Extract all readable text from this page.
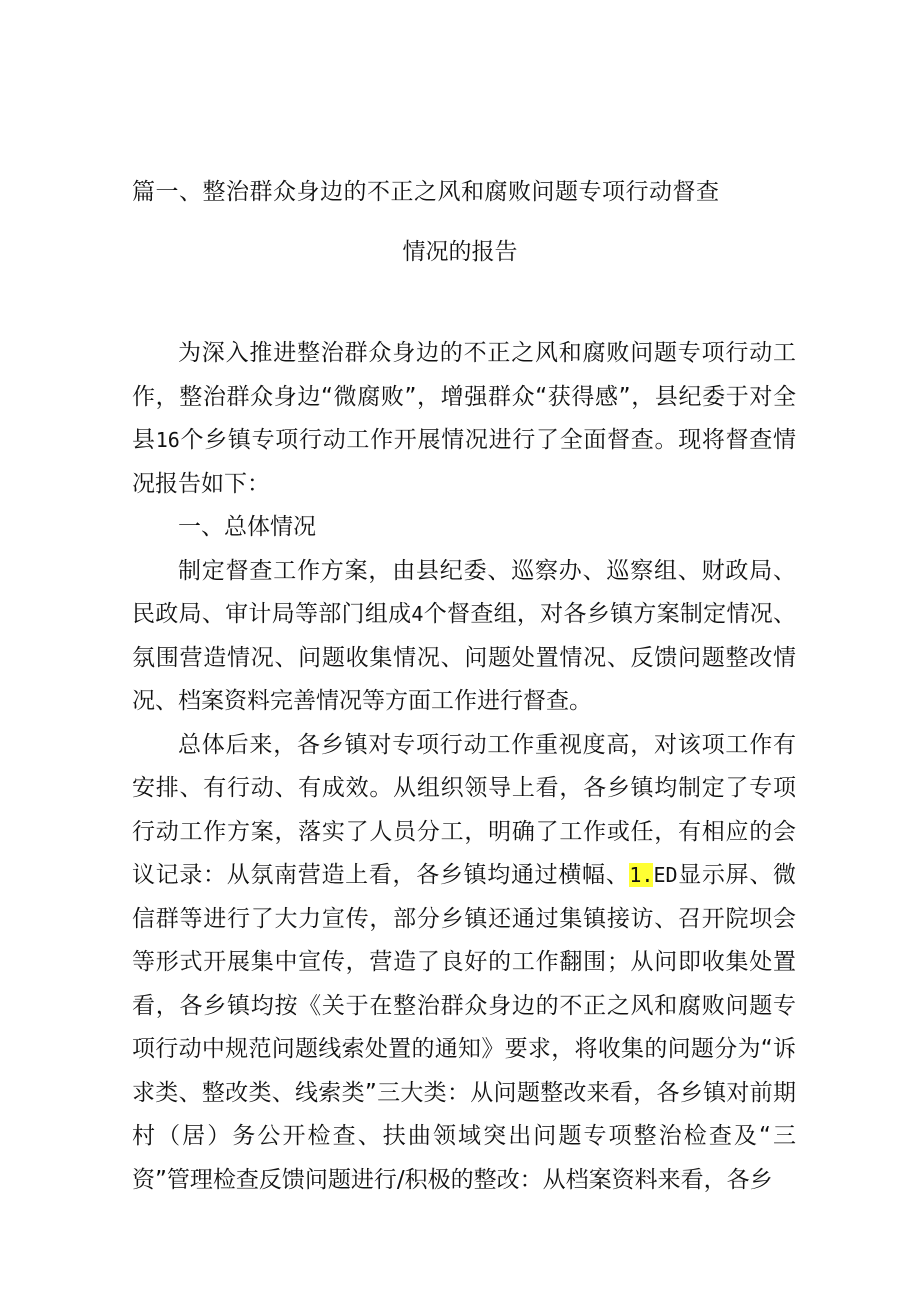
篇一、整治群众身边的不正之风和腐败问题专项行动督查
情况的报告

为深入推进整治群众身边的不正之风和腐败问题专项行动工作，整治群众身边“微腐败”，增强群众“获得感”，县纪委于对全县16个乡镇专项行动工作开展情况进行了全面督查。现将督查情况报告如下：

一、总体情况

制定督查工作方案，由县纪委、巡察办、巡察组、财政局、民政局、审计局等部门组成4个督查组，对各乡镇方案制定情况、氛围营造情况、问题收集情况、问题处置情况、反馈问题整改情况、档案资料完善情况等方面工作进行督查。

总体后来，各乡镇对专项行动工作重视度高，对该项工作有安排、有行动、有成效。从组织领导上看，各乡镇均制定了专项行动工作方案，落实了人员分工，明确了工作或任，有相应的会议记录：从氛南营造上看，各乡镇均通过横幅、1.ED显示屏、微信群等进行了大力宣传，部分乡镇还通过集镇接访、召开院坝会等形式开展集中宣传，营造了良好的工作翻围；从问即收集处置看，各乡镇均按《关于在整治群众身边的不正之风和腐败问题专项行动中规范问题线索处置的通知》要求，将收集的问题分为“诉求类、整改类、线索类”三大类：从问题整改来看，各乡镇对前期村（居）务公开检查、扶曲领域突出问题专项整治检查及“三资”管理检查反馈问题进行/积极的整改：从档案资料来看，各乡
